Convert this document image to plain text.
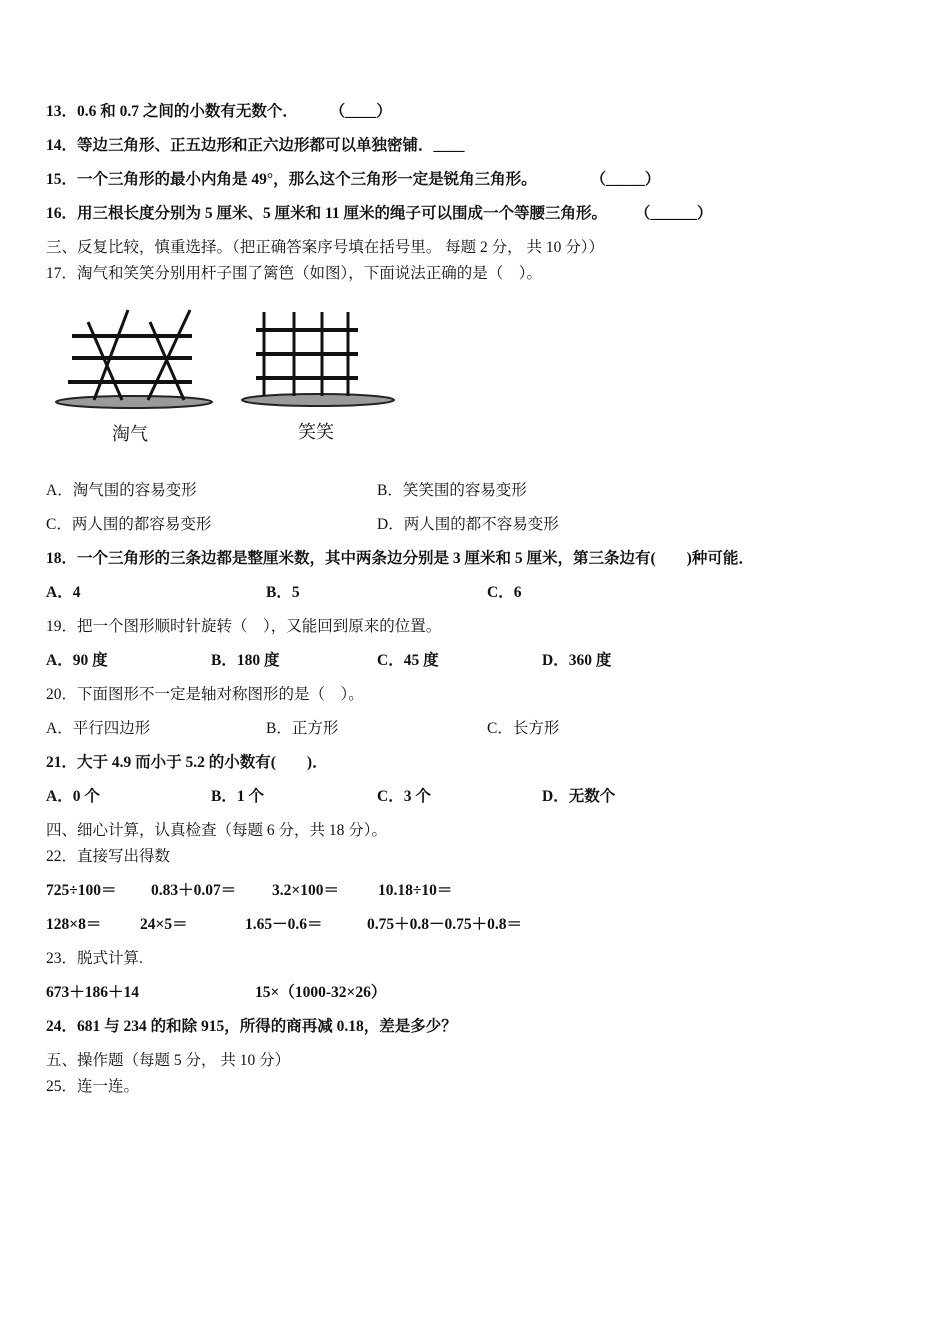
13．0.6 和 0.7 之间的小数有无数个． （____）
14．等边三角形、正五边形和正六边形都可以单独密铺．____
15．一个三角形的最小内角是 49°，那么这个三角形一定是锐角三角形。	（_____）
16．用三根长度分别为 5 厘米、5 厘米和 11 厘米的绳子可以围成一个等腰三角形。 （______）
三、反复比较，慎重选择。（把正确答案序号填在括号里。 每题 2 分， 共 10 分））
17．淘气和笑笑分别用杆子围了篱笆（如图），下面说法正确的是（　）。
淘气	笑笑
A．淘气围的容易变形	B．笑笑围的容易变形
C．两人围的都容易变形	D．两人围的都不容易变形
18．一个三角形的三条边都是整厘米数，其中两条边分别是 3 厘米和 5 厘米，第三条边有(　　)种可能．
A．4	B．5	C．6
19．把一个图形顺时针旋转（　），又能回到原来的位置。
A．90 度	B．180 度	C．45 度	D．360 度
20．下面图形不一定是轴对称图形的是（　）。
A．平行四边形	B．正方形	C．长方形
21．大于 4.9 而小于 5.2 的小数有(　　)．
A．0 个	B．1 个	C．3 个	D．无数个
四、细心计算，认真检查（每题 6 分，共 18 分）。
22．直接写出得数
725÷100＝ 0.83＋0.07＝ 3.2×100＝	10.18÷10＝
128×8＝ 24×5＝	1.65－0.6＝	0.75＋0.8－0.75＋0.8＝
23．脱式计算.
673＋186＋14	15×（1000-32×26）
24．681 与 234 的和除 915，所得的商再减 0.18，差是多少？
五、操作题（每题 5 分， 共 10 分）
25．连一连。
